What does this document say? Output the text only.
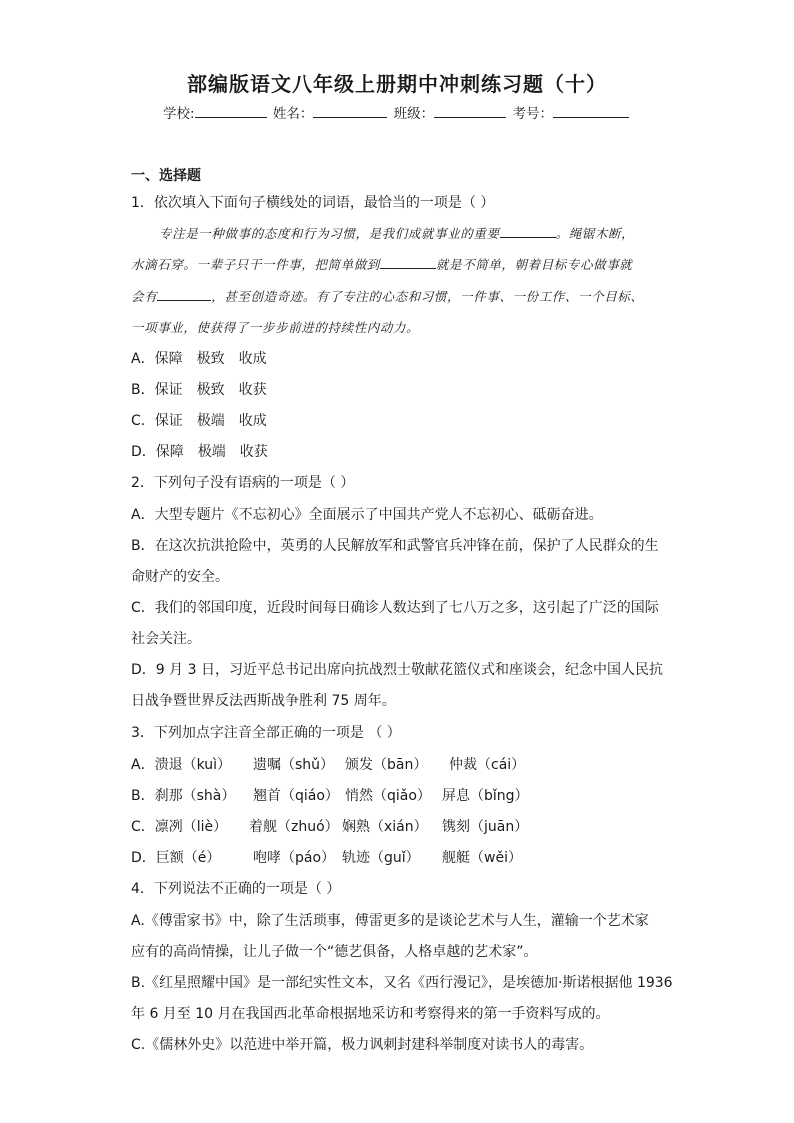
部编版语文八年级上册期中冲刺练习题（十）
学校:	姓名：	班级：	考号：
一、选择题
1．依次填入下面句子横线处的词语，最恰当的一项是（ ）
专注是一种做事的态度和行为习惯，是我们成就事业的重要	。绳锯木断，
水滴石穿。一辈子只干一件事，把简单做到	就是不简单，朝着目标专心做事就
会有	，甚至创造奇迹。有了专注的心态和习惯，一件事、一份工作、一个目标、
一项事业，使获得了一步步前进的持续性内动力。
A．保障　极致　收成
B．保证　极致　收获
C．保证　极端　收成
D．保障　极端　收获
2．下列句子没有语病的一项是（ ）
A．大型专题片《不忘初心》全面展示了中国共产党人不忘初心、砥砺奋进。
B．在这次抗洪抢险中，英勇的人民解放军和武警官兵冲锋在前，保护了人民群众的生
命财产的安全。
C．我们的邻国印度，近段时间每日确诊人数达到了七八万之多，这引起了广泛的国际
社会关注。
D．9 月 3 日，习近平总书记出席向抗战烈士敬献花篮仪式和座谈会，纪念中国人民抗
日战争暨世界反法西斯战争胜利 75 周年。
3．下列加点字注音全部正确的一项是 （ ）
A．溃退（kuì） 遗嘱（shǔ） 颁发（bān） 仲裁（cái）
B．刹那（shà） 翘首（qiáo） 悄然（qiǎo） 屏息（bǐng）
C．凛冽（liè） 着舰（zhuó） 娴熟（xián） 镌刻（juān）
D．巨额（é） 咆哮（páo） 轨迹（guǐ） 舰艇（wěi）
4．下列说法不正确的一项是（ ）
A.《傅雷家书》中，除了生活琐事，傅雷更多的是谈论艺术与人生，灌输一个艺术家
应有的高尚情操，让儿子做一个“德艺俱备，人格卓越的艺术家”。
B.《红星照耀中国》是一部纪实性文本，又名《西行漫记》，是埃德加·斯诺根据他 1936
年 6 月至 10 月在我国西北革命根据地采访和考察得来的第一手资料写成的。
C.《儒林外史》以范进中举开篇，极力讽刺封建科举制度对读书人的毒害。
